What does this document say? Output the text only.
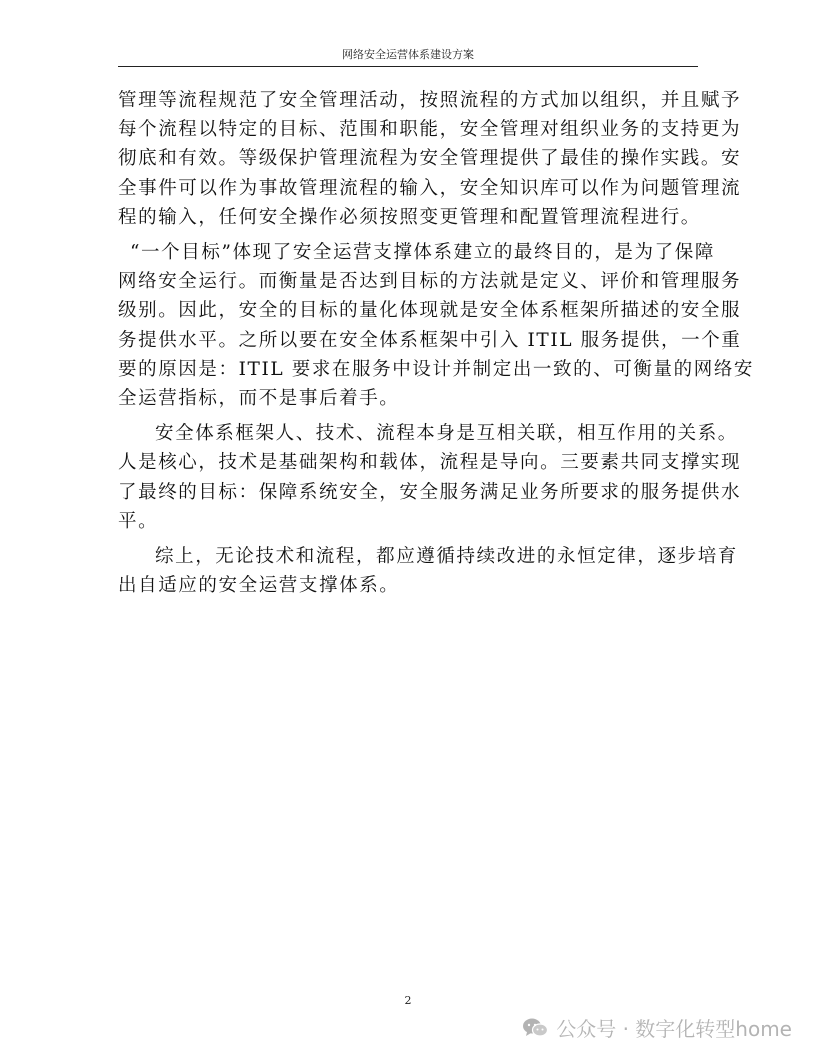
网络安全运营体系建设方案

管理等流程规范了安全管理活动，按照流程的方式加以组织，并且赋予
每个流程以特定的目标、范围和职能，安全管理对组织业务的支持更为
彻底和有效。等级保护管理流程为安全管理提供了最佳的操作实践。安
全事件可以作为事故管理流程的输入，安全知识库可以作为问题管理流
程的输入，任何安全操作必须按照变更管理和配置管理流程进行。

“一个目标”体现了安全运营支撑体系建立的最终目的，是为了保障
网络安全运行。而衡量是否达到目标的方法就是定义、评价和管理服务
级别。因此，安全的目标的量化体现就是安全体系框架所描述的安全服
务提供水平。之所以要在安全体系框架中引入 ITIL 服务提供，一个重
要的原因是：ITIL 要求在服务中设计并制定出一致的、可衡量的网络安
全运营指标，而不是事后着手。

安全体系框架人、技术、流程本身是互相关联，相互作用的关系。
人是核心，技术是基础架构和载体，流程是导向。三要素共同支撑实现
了最终的目标：保障系统安全，安全服务满足业务所要求的服务提供水
平。

综上，无论技术和流程，都应遵循持续改进的永恒定律，逐步培育
出自适应的安全运营支撑体系。

2
公众号 · 数字化转型home
